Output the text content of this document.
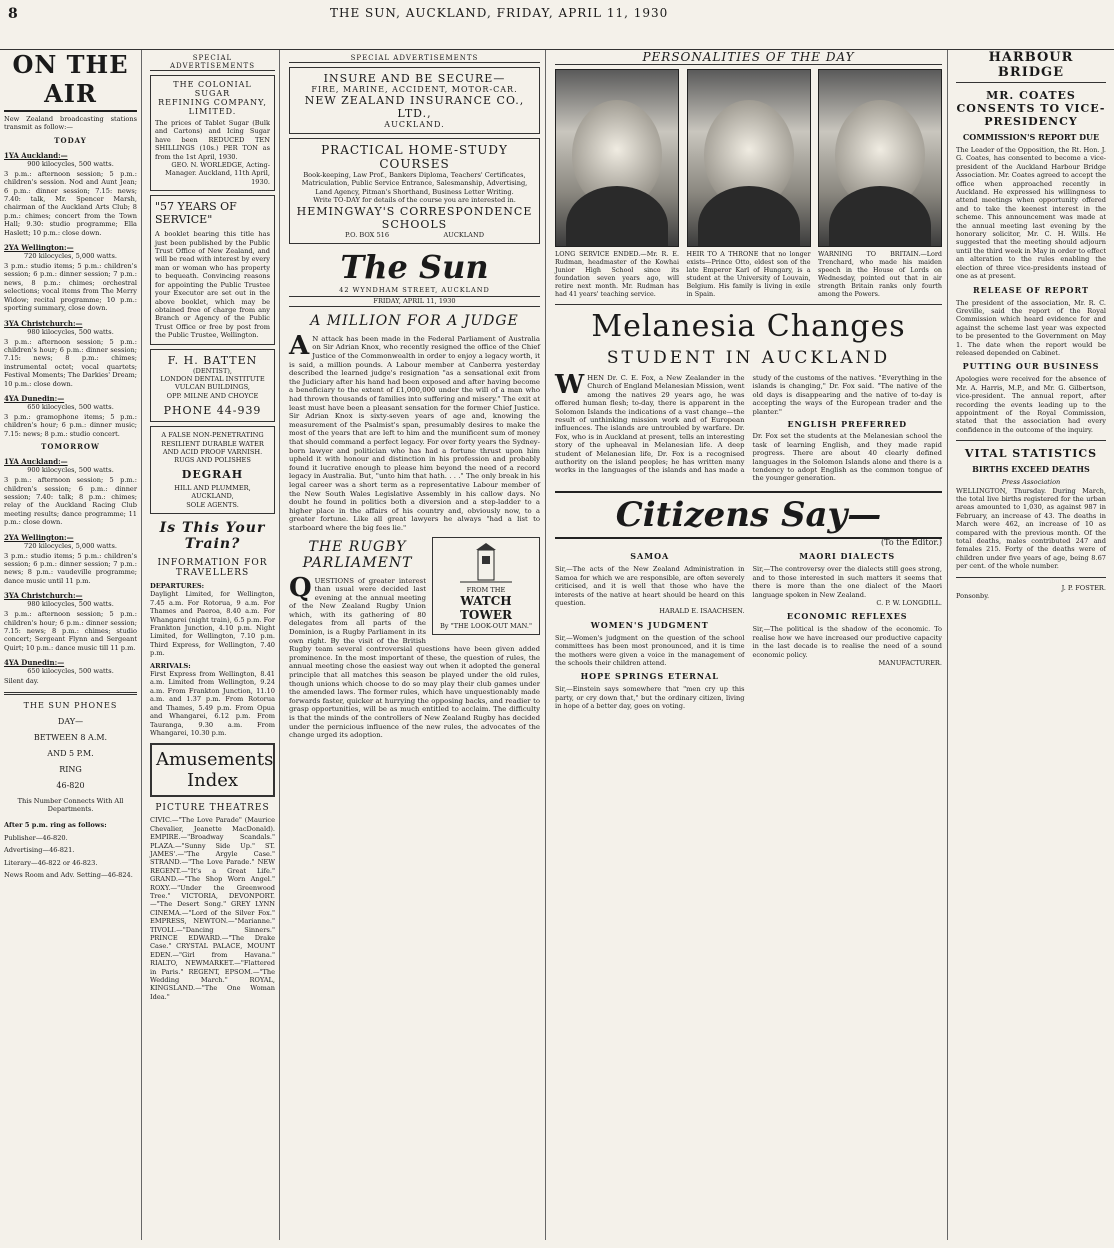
8	THE SUN, AUCKLAND, FRIDAY, APRIL 11, 1930
ON THE AIR
New Zealand broadcasting stations transmit as follow:—
TODAY
1YA Auckland:—
900 kilocycles, 500 watts.
3 p.m.: afternoon session; 5 p.m.: children's session. Nod and Aunt Jean; 6 p.m.: dinner session; 7.15: news; 7.40: talk, Mr. Spencer Marsh, chairman of the Auckland Arts Club; 8 p.m.: chimes; concert from the Town Hall; 9.30: studio programme; Ella Haslett; 10 p.m.: close down.
2YA Wellington:—
720 kilocycles, 5,000 watts.
3 p.m.: studio items; 5 p.m.: children's session; 6 p.m.: dinner session; 7 p.m.: news, 8 p.m.: chimes; orchestral selections; vocal items from The Merry Widow; recital programme; 10 p.m.: sporting summary, close down.
3YA Christchurch:—
980 kilocycles, 500 watts.
3 p.m.: afternoon session; 5 p.m.: children's hour; 6 p.m.: dinner session; 7.15: news; 8 p.m.: chimes; instrumental octet; vocal quartets; Festival Moments; The Darkies' Dream; 10 p.m.: close down.
4YA Dunedin:—
650 kilocycles, 500 watts.
3 p.m.: gramophone items; 5 p.m.: children's hour; 6 p.m.: dinner music; 7.15: news; 8 p.m.: studio concert.
TOMORROW
1YA Auckland:—
900 kilocycles, 500 watts.
3 p.m.: afternoon session; 5 p.m.: children's session; 6 p.m.: dinner session; 7.40: talk; 8 p.m.: chimes; relay of the Auckland Racing Club meeting results; dance programme; 11 p.m.: close down.
2YA Wellington:—
720 kilocycles, 5,000 watts.
3 p.m.: studio items; 5 p.m.: children's session; 6 p.m.: dinner session; 7 p.m.: news; 8 p.m.: vaudeville programme; dance music until 11 p.m.
3YA Christchurch:—
980 kilocycles, 500 watts.
3 p.m.: afternoon session; 5 p.m.: children's hour; 6 p.m.: dinner session; 7.15: news; 8 p.m.: chimes; studio concert; Sergeant Flynn and Sergeant Quirt; 10 p.m.: dance music till 11 p.m.
4YA Dunedin:—
650 kilocycles, 500 watts.
Silent day.
THE SUN PHONES
DAY—
BETWEEN 8 A.M.
AND 5 P.M.
RING
46-820
This Number Connects With All
Departments.
After 5 p.m. ring as follows:
Publisher—46-820.
Advertising—46-821.
Literary—46-822 or 46-823.
News Room and Adv. Setting—46-824.
SPECIAL ADVERTISEMENTS
THE COLONIAL SUGAR
REFINING COMPANY,
LIMITED.
The prices of Tablet Sugar (Bulk and Cartons) and Icing Sugar have been REDUCED TEN SHILLINGS (10s.) PER TON as from the 1st April, 1930.
GEO. N. WORLEDGE, Acting-Manager. Auckland, 11th April, 1930.
"57 YEARS OF SERVICE"
A booklet bearing this title has just been published by the Public Trust Office of New Zealand, and will be read with interest by every man or woman who has property to bequeath. Convincing reasons for appointing the Public Trustee your Executor are set out in the above booklet, which may be obtained free of charge from any Branch or Agency of the Public Trust Office or free by post from the Public Trustee, Wellington.
F. H. BATTEN
(DENTIST),
LONDON DENTAL INSTITUTE
VULCAN BUILDINGS,
OPP. MILNE AND CHOYCE
PHONE 44-939
A FALSE NON-PENETRATING RESILIENT DURABLE WATER AND ACID PROOF VARNISH. RUGS AND POLISHES
DEGRAH
HILL AND PLUMMER,
AUCKLAND,
SOLE AGENTS.
Is This Your Train?
INFORMATION FOR TRAVELLERS
DEPARTURES:
Daylight Limited, for Wellington, 7.45 a.m. For Rotorua, 9 a.m. For Thames and Paeroa, 8.40 a.m. For Whangarei (night train), 6.5 p.m. For Frankton Junction, 4.10 p.m. Night Limited, for Wellington, 7.10 p.m. Third Express, for Wellington, 7.40 p.m.
ARRIVALS:
First Express from Wellington, 8.41 a.m. Limited from Wellington, 9.24 a.m. From Frankton Junction, 11.10 a.m. and 1.37 p.m. From Rotorua and Thames, 5.49 p.m. From Opua and Whangarei, 6.12 p.m. From Tauranga, 9.30 a.m. From Whangarei, 10.30 p.m.
Amusements
Index
PICTURE THEATRES
CIVIC.—"The Love Parade" (Maurice Chevalier, Jeanette MacDonald). EMPIRE.—"Broadway Scandals." PLAZA.—"Sunny Side Up." ST. JAMES'.—"The Argyle Case." STRAND.—"The Love Parade." NEW REGENT.—"It's a Great Life." GRAND.—"The Shop Worn Angel." ROXY.—"Under the Greenwood Tree." VICTORIA, DEVONPORT.—"The Desert Song." GREY LYNN CINEMA.—"Lord of the Silver Fox." EMPRESS, NEWTON.—"Marianne." TIVOLI.—"Dancing Sinners." PRINCE EDWARD.—"The Drake Case." CRYSTAL PALACE, MOUNT EDEN.—"Girl from Havana." RIALTO, NEWMARKET.—"Flattered in Paris." REGENT, EPSOM.—"The Wedding March." ROYAL, KINGSLAND.—"The One Woman Idea."
SPECIAL ADVERTISEMENTS
INSURE AND BE SECURE—
FIRE, MARINE, ACCIDENT, MOTOR-CAR.
NEW ZEALAND INSURANCE CO., LTD.,
AUCKLAND.
PRACTICAL HOME-STUDY COURSES
Book-keeping, Law Prof., Bankers Diploma, Teachers' Certificates, Matriculation, Public Service Entrance, Salesmanship, Advertising, Land Agency, Pitman's Shorthand, Business Letter Writing.
Write TO-DAY for details of the course you are interested in.
HEMINGWAY'S CORRESPONDENCE SCHOOLS
P.O. BOX 516                          AUCKLAND
The Sun
42 WYNDHAM STREET, AUCKLAND
FRIDAY, APRIL 11, 1930
A MILLION FOR A JUDGE
A N attack has been made in the Federal Parliament of Australia on Sir Adrian Knox, who recently resigned the office of the Chief Justice of the Commonwealth in order to enjoy a legacy worth, it is said, a million pounds. A Labour member at Canberra yesterday described the learned judge's resignation "as a sensational exit from the Judiciary after his hand had been exposed and after having become a beneficiary to the extent of £1,000,000 under the will of a man who had thrown thousands of families into suffering and misery." The exit at least must have been a pleasant sensation for the former Chief Justice. Sir Adrian Knox is sixty-seven years of age and, knowing the measurement of the Psalmist's span, presumably desires to make the most of the years that are left to him and the munificent sum of money that should command a perfect legacy. For over forty years the Sydney-born lawyer and politician who has had a fortune thrust upon him upheld it with honour and distinction in his profession and probably found it lucrative enough to please him beyond the need of a record legacy in Australia. But, "unto him that hath. . . ." The only break in his legal career was a short term as a representative Labour member of the New South Wales Legislative Assembly in his callow days. No doubt he found in politics both a diversion and a step-ladder to a higher place in the affairs of his country and, obviously now, to a greater fortune. Like all great lawyers he always "had a list to starboard where the big fees lie."
FROM THE
WATCH TOWER
By "THE LOOK-OUT MAN."
THE RUGBY PARLIAMENT
QUESTIONS of greater interest than usual were decided last evening at the annual meeting of the New Zealand Rugby Union which, with its gathering of 80 delegates from all parts of the Dominion, is a Rugby Parliament in its own right. By the visit of the British Rugby team several controversial questions have been given added prominence. In the most important of these, the question of rules, the annual meeting chose the easiest way out when it adopted the general principle that all matches this season be played under the old rules, though unions which choose to do so may play their club games under the amended laws. The former rules, which have unquestionably made forwards faster, quicker at hurrying the opposing backs, and readier to grasp opportunities, will be as much entitled to acclaim. The difficulty is that the minds of the controllers of New Zealand Rugby has decided under the pernicious influence of the new rules, the advocates of the change urged its adoption.
PERSONALITIES OF THE DAY
LONG SERVICE ENDED.—Mr. R. E. Rudman, headmaster of the Kowhai Junior High School since its foundation seven years ago, will retire next month. Mr. Rudman has had 41 years' teaching service.
HEIR TO A THRONE that no longer exists—Prince Otto, eldest son of the late Emperor Karl of Hungary, is a student at the University of Louvain, Belgium. His family is living in exile in Spain.
WARNING TO BRITAIN.—Lord Trenchard, who made his maiden speech in the House of Lords on Wednesday, pointed out that in air strength Britain ranks only fourth among the Powers.
Melanesia Changes
STUDENT IN AUCKLAND
WHEN Dr. C. E. Fox, a New Zealander in the Church of England Melanesian Mission, went among the natives 29 years ago, he was offered human flesh; to-day, there is apparent in the Solomon Islands the indications of a vast change—the result of unthinking mission work and of European influences. The islands are untroubled by warfare. Dr. Fox, who is in Auckland at present, tells an interesting story of the upheaval in Melanesian life. A deep student of Melanesian life, Dr. Fox is a recognised authority on the island peoples; he has written many works in the languages of the islands and has made a study of the customs of the natives. "Everything in the islands is changing," Dr. Fox said. "The native of the old days is disappearing and the native of to-day is accepting the ways of the European trader and the planter."
ENGLISH PREFERRED
Dr. Fox set the students at the Melanesian school the task of learning English, and they made rapid progress. There are about 40 clearly defined languages in the Solomon Islands alone and there is a tendency to adopt English as the common tongue of the younger generation.
Citizens Say—
(To the Editor.)
SAMOA
Sir,—The acts of the New Zealand Administration in Samoa for which we are responsible, are often severely criticised, and it is well that those who have the interests of the native at heart should be heard on this question.
HARALD E. ISAACHSEN.
WOMEN'S JUDGMENT
Sir,—Women's judgment on the question of the school committees has been most pronounced, and it is time the mothers were given a voice in the management of the schools their children attend.
HOPE SPRINGS ETERNAL
Sir,—Einstein says somewhere that "men cry up this party, or cry down that," but the ordinary citizen, living in hope of a better day, goes on voting.
MAORI DIALECTS
Sir,—The controversy over the dialects still goes strong, and to those interested in such matters it seems that there is more than the one dialect of the Maori language spoken in New Zealand.
C. P. W. LONGDILL.
ECONOMIC REFLEXES
Sir,—The political is the shadow of the economic. To realise how we have increased our productive capacity in the last decade is to realise the need of a sound economic policy.
MANUFACTURER.
HARBOUR BRIDGE
MR. COATES CONSENTS TO VICE-PRESIDENCY
COMMISSION'S REPORT DUE
The Leader of the Opposition, the Rt. Hon. J. G. Coates, has consented to become a vice-president of the Auckland Harbour Bridge Association. Mr. Coates agreed to accept the office when approached recently in Auckland. He expressed his willingness to attend meetings when opportunity offered and to take the keenest interest in the scheme. This announcement was made at the annual meeting last evening by the honorary solicitor, Mr. C. H. Wills. He suggested that the meeting should adjourn until the third week in May in order to effect an alteration to the rules enabling the election of three vice-presidents instead of one as at present.
RELEASE OF REPORT
The president of the association, Mr. R. C. Greville, said the report of the Royal Commission which heard evidence for and against the scheme last year was expected to be presented to the Government on May 1. The date when the report would be released depended on Cabinet.
PUTTING OUR BUSINESS
Apologies were received for the absence of Mr. A. Harris, M.P., and Mr. G. Gilbertson, vice-president. The annual report, after recording the events leading up to the appointment of the Royal Commission, stated that the association had every confidence in the outcome of the inquiry.
VITAL STATISTICS
BIRTHS EXCEED DEATHS
Press Association
WELLINGTON, Thursday. During March, the total live births registered for the urban areas amounted to 1,030, as against 987 in February, an increase of 43. The deaths in March were 462, an increase of 10 as compared with the previous month. Of the total deaths, males contributed 247 and females 215. Forty of the deaths were of children under five years of age, being 8.67 per cent. of the whole number.
J. P. FOSTER.
Ponsonby.
